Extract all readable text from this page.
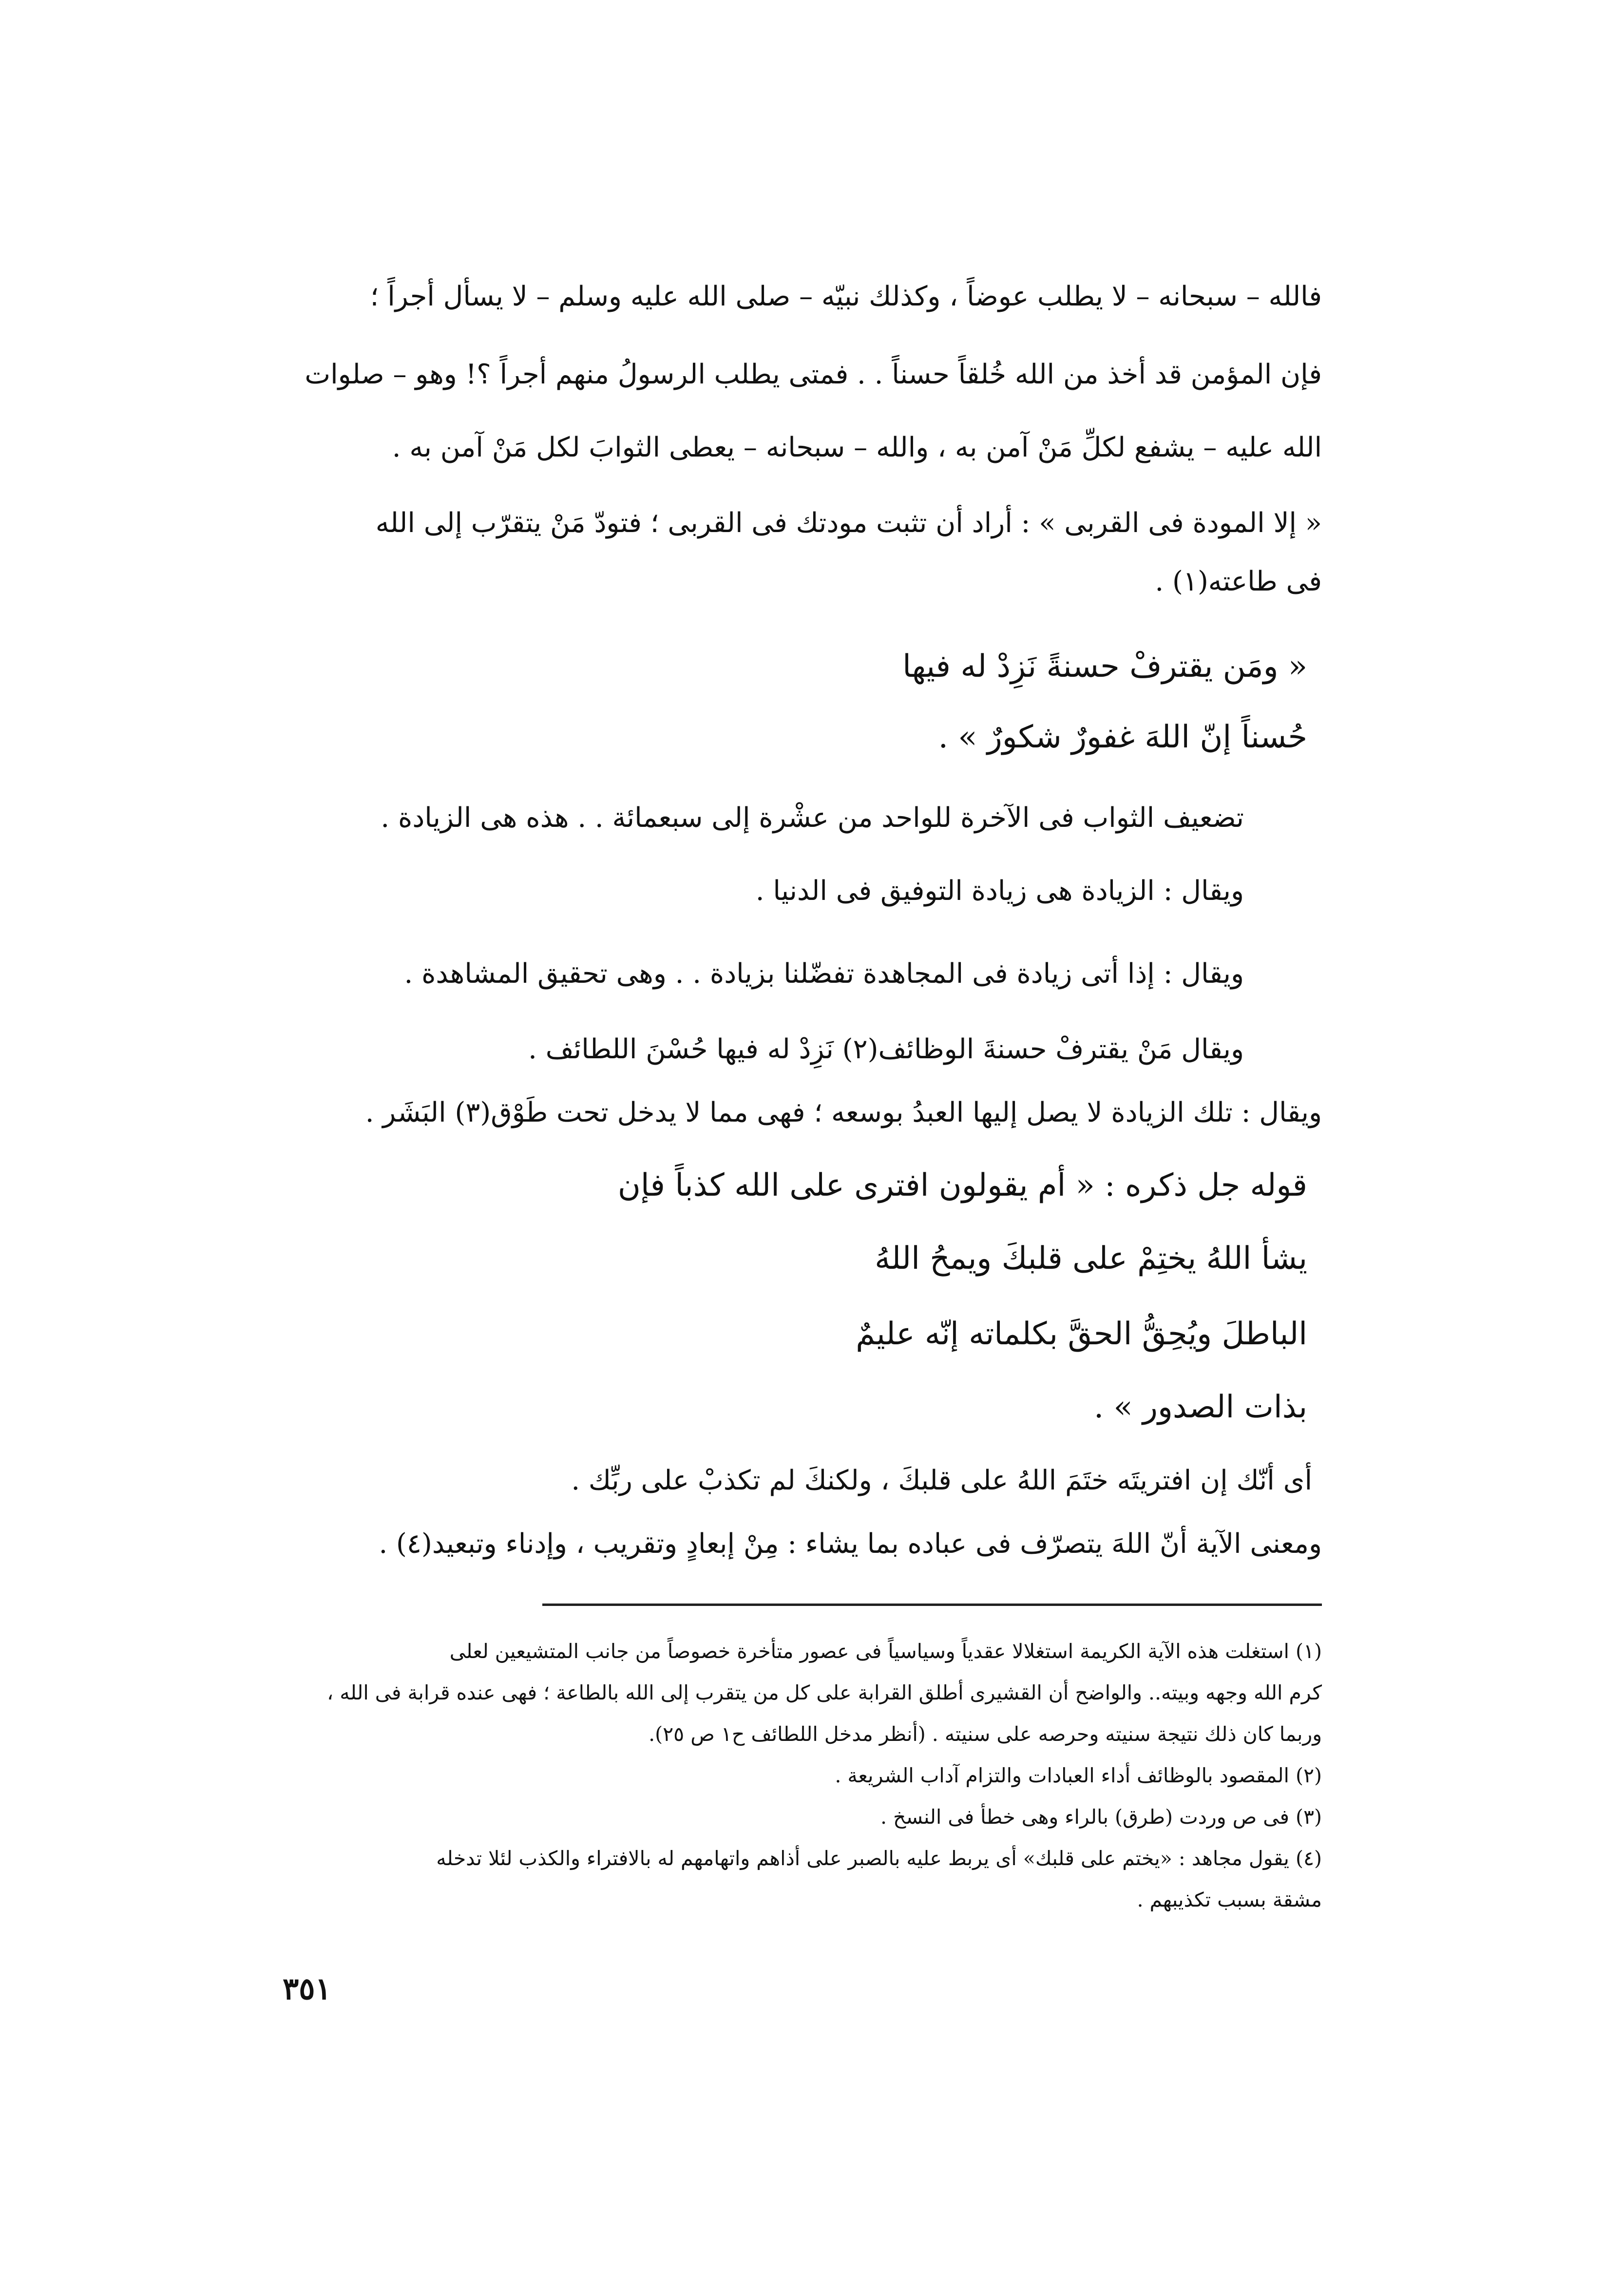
فالله – سبحانه – لا يطلب عوضاً ، وكذلك نبيّه – صلى الله عليه وسلم – لا يسأل أجراً ؛
فإن المؤمن قد أخذ من الله خُلقاً حسناً . . فمتى يطلب الرسولُ منهم أجراً ؟! وهو – صلوات
الله عليه – يشفع لكلِّ مَنْ آمن به ، والله – سبحانه – يعطى الثوابَ لكل مَنْ آمن به .
« إلا المودة فى القربى » : أراد أن تثبت مودتك فى القربى ؛ فتودّ مَنْ يتقرّب إلى الله
فى طاعته(١) .
« ومَن يقترفْ حسنةً نَزِدْ له فيها
حُسناً إنّ اللهَ غفورٌ شكورٌ » .
تضعيف الثواب فى الآخرة للواحد من عشْرة إلى سبعمائة . . هذه هى الزيادة .
ويقال : الزيادة هى زيادة التوفيق فى الدنيا .
ويقال : إذا أتى زيادة فى المجاهدة تفضّلنا بزيادة . . وهى تحقيق المشاهدة .
ويقال مَنْ يقترفْ حسنةَ الوظائف(٢) نَزِدْ له فيها حُسْنَ اللطائف .
ويقال : تلك الزيادة لا يصل إليها العبدُ بوسعه ؛ فهى مما لا يدخل تحت طَوْق(٣) البَشَر .
قوله جل ذكره : « أم يقولون افترى على الله كذباً فإن
يشأ اللهُ يختِمْ على قلبكَ ويمحُ اللهُ
الباطلَ ويُحِقُّ الحقَّ بكلماته إنّه عليمٌ
بذات الصدور » .
أى أنّك إن افتريتَه ختَمَ اللهُ على قلبكَ ، ولكنكَ لم تكذبْ على ربِّك .
ومعنى الآية أنّ اللهَ يتصرّف فى عباده بما يشاء : مِنْ إبعادٍ وتقريب ، وإدناء وتبعيد(٤) .
(١) استغلت هذه الآية الكريمة استغلالا عقدياً وسياسياً فى عصور متأخرة خصوصاً من جانب المتشيعين لعلى
كرم الله وجهه وبيته.. والواضح أن القشيرى أطلق القرابة على كل من يتقرب إلى الله بالطاعة ؛ فهى عنده قرابة فى الله ،
وربما كان ذلك نتيجة سنيته وحرصه على سنيته . (أنظر مدخل اللطائف ح١ ص ٢٥).
(٢) المقصود بالوظائف أداء العبادات والتزام آداب الشريعة .
(٣) فى ص وردت (طرق) بالراء وهى خطأ فى النسخ .
(٤) يقول مجاهد : «يختم على قلبك» أى يربط عليه بالصبر على أذاهم واتهامهم له بالافتراء والكذب لئلا تدخله
مشقة بسبب تكذيبهم .
٣٥١
